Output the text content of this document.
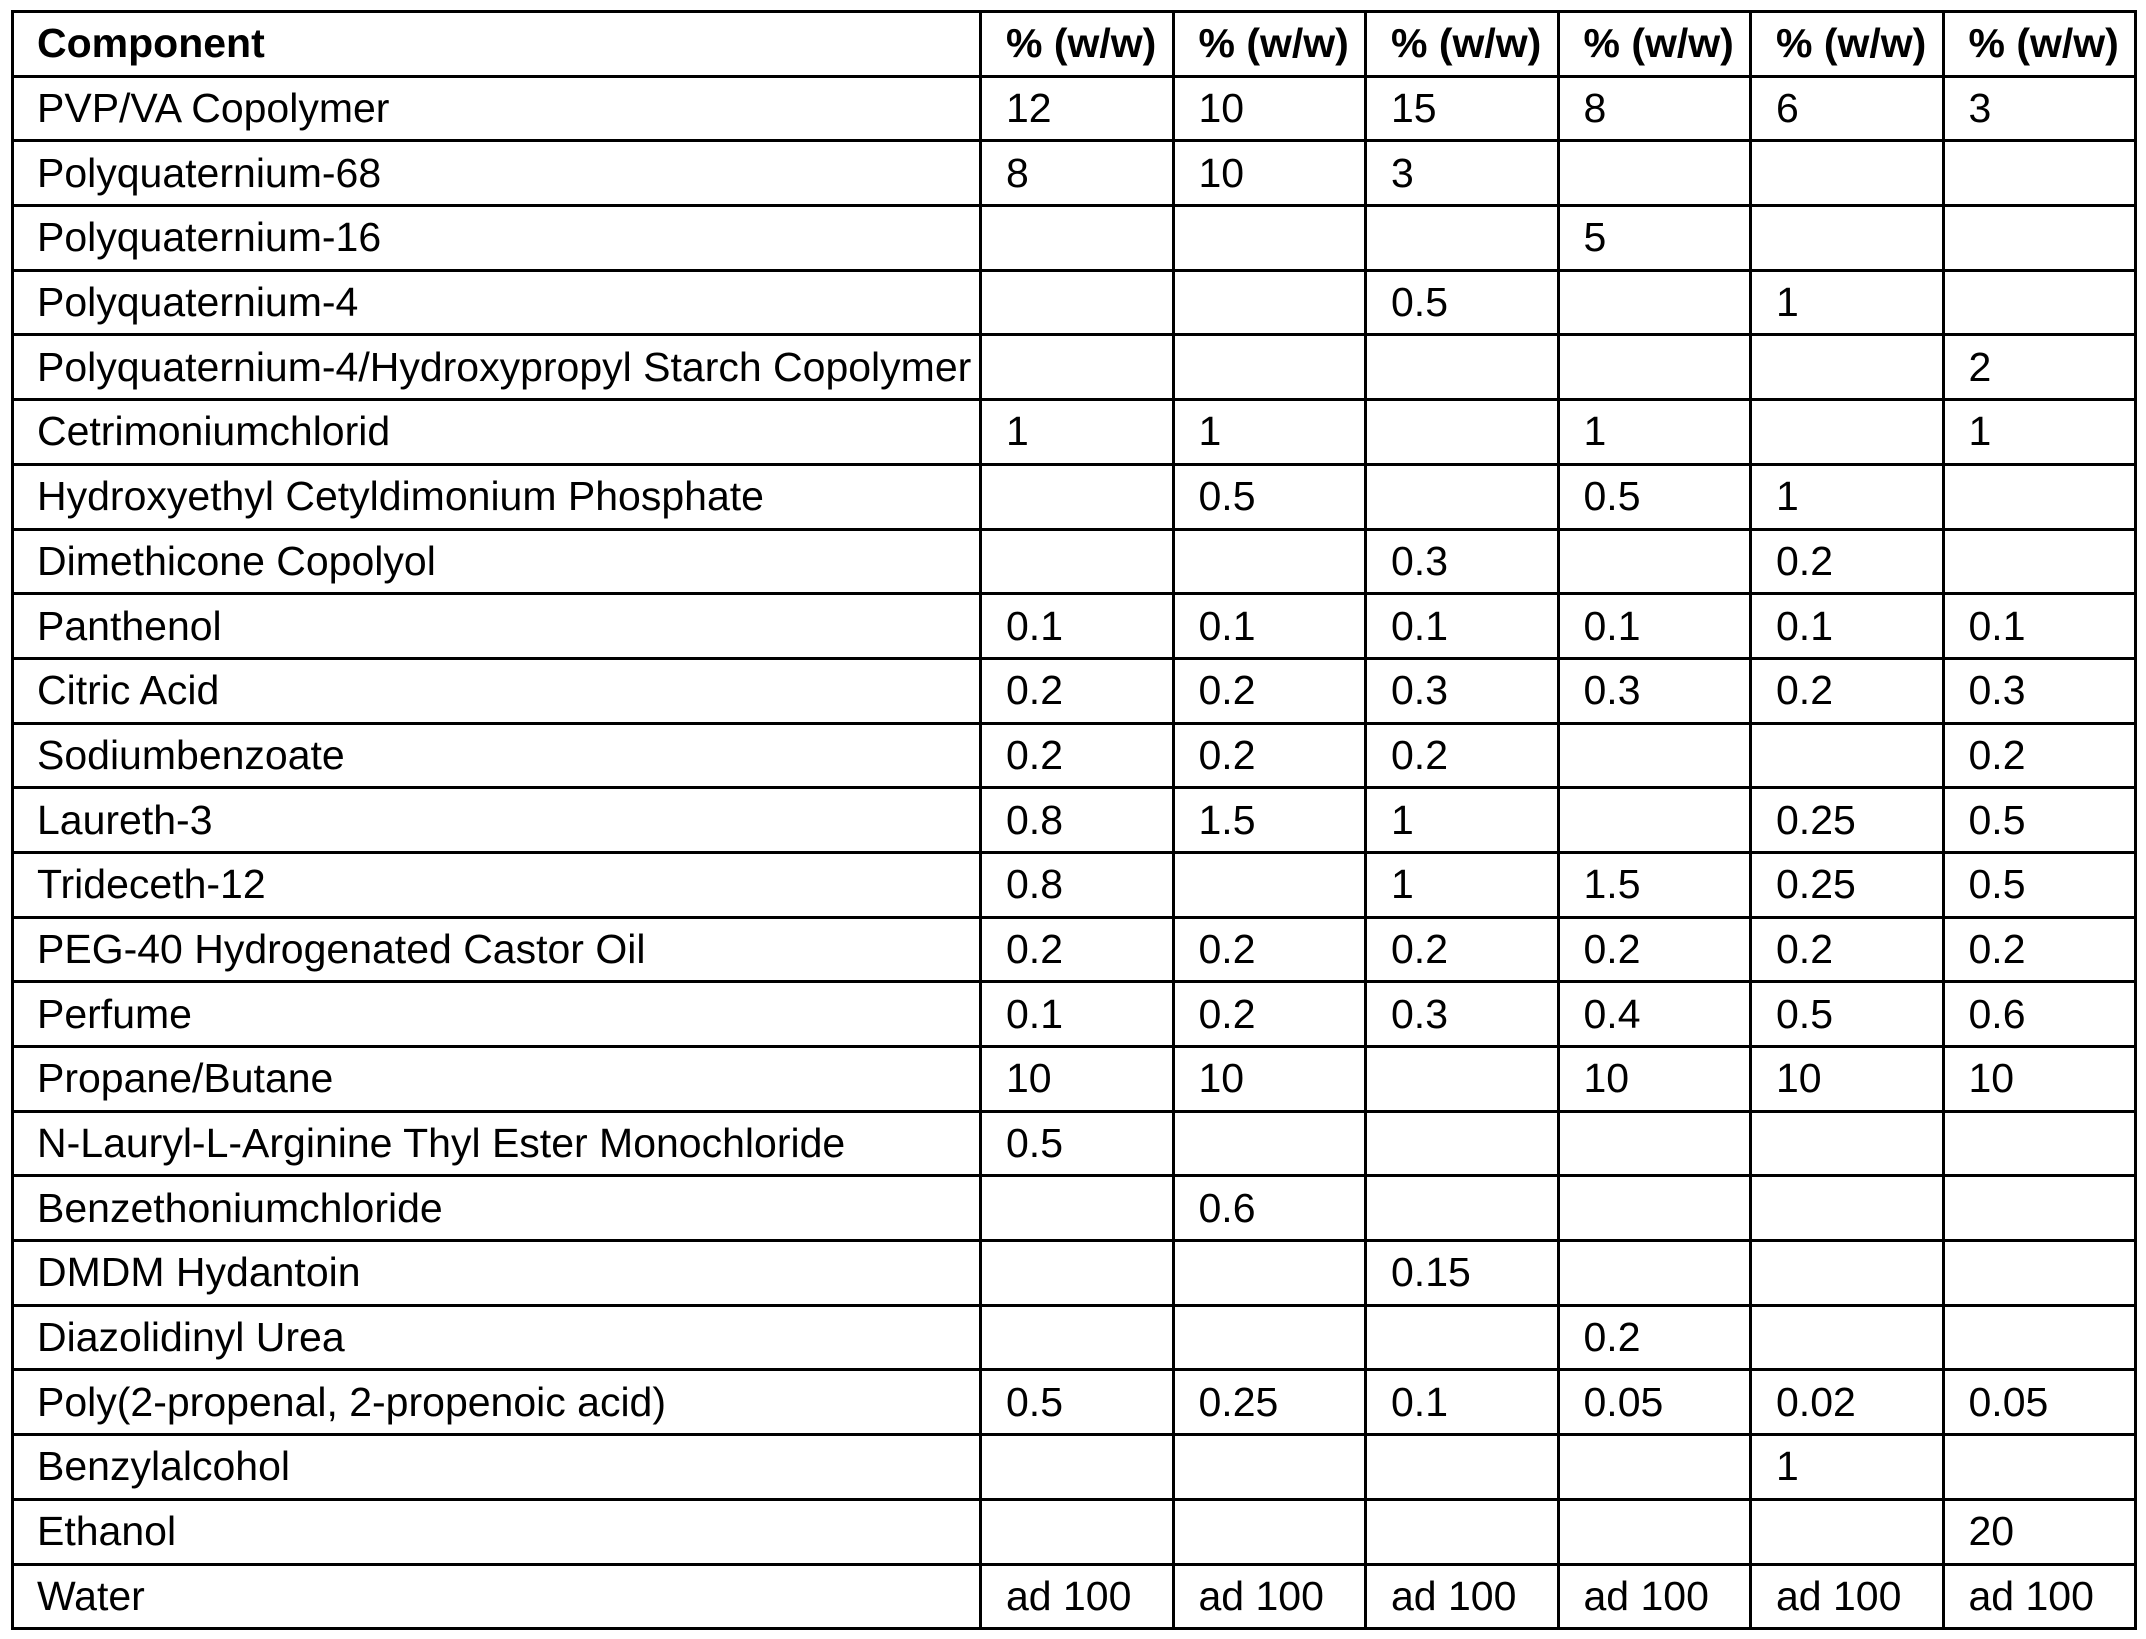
Component	% (w/w)	% (w/w)	% (w/w)	% (w/w)	% (w/w)	% (w/w)
PVP/VA Copolymer	12	10	15	8	6	3
Polyquaternium-68	8	10	3			
Polyquaternium-16				5		
Polyquaternium-4			0.5		1	
Polyquaternium-4/Hydroxypropyl Starch Copolymer						2
Cetrimoniumchlorid	1	1		1		1
Hydroxyethyl Cetyldimonium Phosphate		0.5		0.5	1	
Dimethicone Copolyol			0.3		0.2	
Panthenol	0.1	0.1	0.1	0.1	0.1	0.1
Citric Acid	0.2	0.2	0.3	0.3	0.2	0.3
Sodiumbenzoate	0.2	0.2	0.2			0.2
Laureth-3	0.8	1.5	1		0.25	0.5
Trideceth-12	0.8		1	1.5	0.25	0.5
PEG-40 Hydrogenated Castor Oil	0.2	0.2	0.2	0.2	0.2	0.2
Perfume	0.1	0.2	0.3	0.4	0.5	0.6
Propane/Butane	10	10		10	10	10
N-Lauryl-L-Arginine Thyl Ester Monochloride	0.5					
Benzethoniumchloride		0.6				
DMDM Hydantoin			0.15			
Diazolidinyl Urea				0.2		
Poly(2-propenal, 2-propenoic acid)	0.5	0.25	0.1	0.05	0.02	0.05
Benzylalcohol					1	
Ethanol						20
Water	ad 100	ad 100	ad 100	ad 100	ad 100	ad 100
